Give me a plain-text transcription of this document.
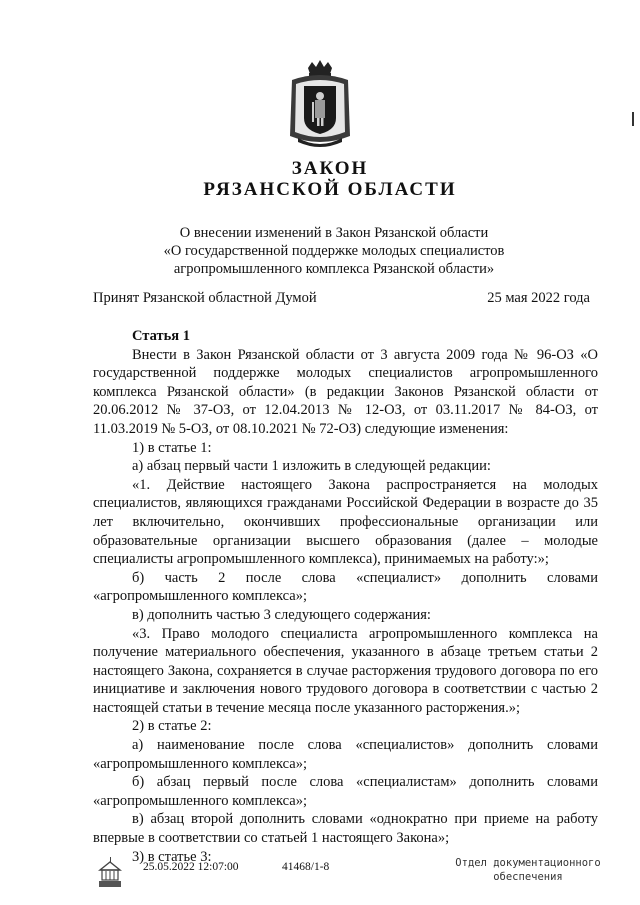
ЗАКОН
РЯЗАНСКОЙ ОБЛАСТИ
О внесении изменений в Закон Рязанской области
«О государственной поддержке молодых специалистов
агропромышленного комплекса Рязанской области»
Принят Рязанской областной Думой	25 мая 2022 года

Статья 1

Внести в Закон Рязанской области от 3 августа 2009 года № 96-ОЗ «О государственной поддержке молодых специалистов агропромышленного комплекса Рязанской области» (в редакции Законов Рязанской области от 20.06.2012 № 37-ОЗ, от 12.04.2013 № 12-ОЗ, от 03.11.2017 № 84-ОЗ, от 11.03.2019 № 5-ОЗ, от 08.10.2021 № 72-ОЗ) следующие изменения:

1) в статье 1:

а) абзац первый части 1 изложить в следующей редакции:

«1. Действие настоящего Закона распространяется на молодых специалистов, являющихся гражданами Российской Федерации в возрасте до 35 лет включительно, окончивших профессиональные организации или образовательные организации высшего образования (далее – молодые специалисты агропромышленного комплекса), принимаемых на работу:»;

б) часть 2 после слова «специалист» дополнить словами «агропромышленного комплекса»;

в) дополнить частью 3 следующего содержания:

«3. Право молодого специалиста агропромышленного комплекса на получение материального обеспечения, указанного в абзаце третьем статьи 2 настоящего Закона, сохраняется в случае расторжения трудового договора по его инициативе и заключения нового трудового договора в соответствии с частью 2 настоящей статьи в течение месяца после указанного расторжения.»;

2) в статье 2:

а) наименование после слова «специалистов» дополнить словами «агропромышленного комплекса»;

б) абзац первый после слова «специалистам» дополнить словами «агропромышленного комплекса»;

в) абзац второй дополнить словами «однократно при приеме на работу впервые в соответствии со статьей 1 настоящего Закона»;

3) в статье 3:

25.05.2022 12:07:00	41468/1-8	Отдел документационного
обеспечения
